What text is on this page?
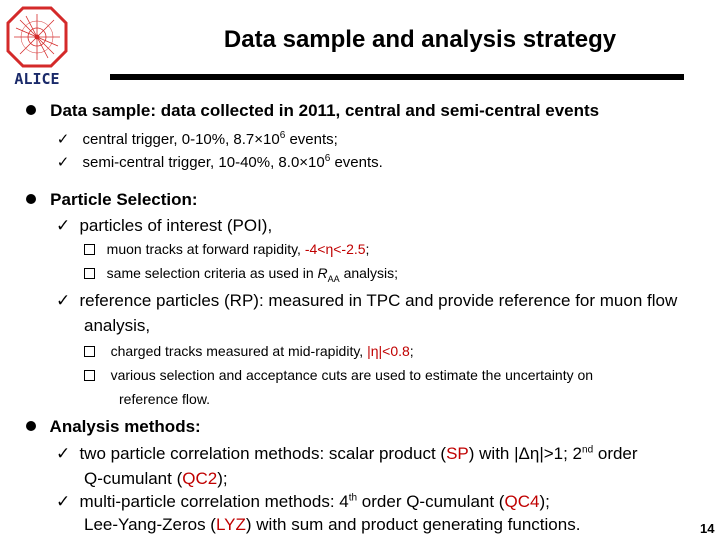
ALICE
Data sample and analysis strategy
Data sample: data collected in 2011, central and semi-central events
✓ central trigger, 0-10%, $8.7\times 10^6$ events;
✓ semi-central trigger, 10-40%, $8.0\times 10^6$ events.
Particle Selection:
✓ particles of interest (POI),
muon tracks at forward rapidity, -4<η<-2.5;
same selection criteria as used in $R_{AA}$ analysis;
✓ reference particles (RP): measured in TPC and provide reference for muon flow
analysis,
charged tracks measured at mid-rapidity, |η|<0.8;
various selection and acceptance cuts are used to estimate the uncertainty on
reference flow.
Analysis methods:
✓ two particle correlation methods: scalar product (SP) with |Δη|>1; 2nd order
Q-cumulant (QC2);
✓ multi-particle correlation methods: 4th order Q-cumulant (QC4);
Lee-Yang-Zeros (LYZ) with sum and product generating functions.	14
